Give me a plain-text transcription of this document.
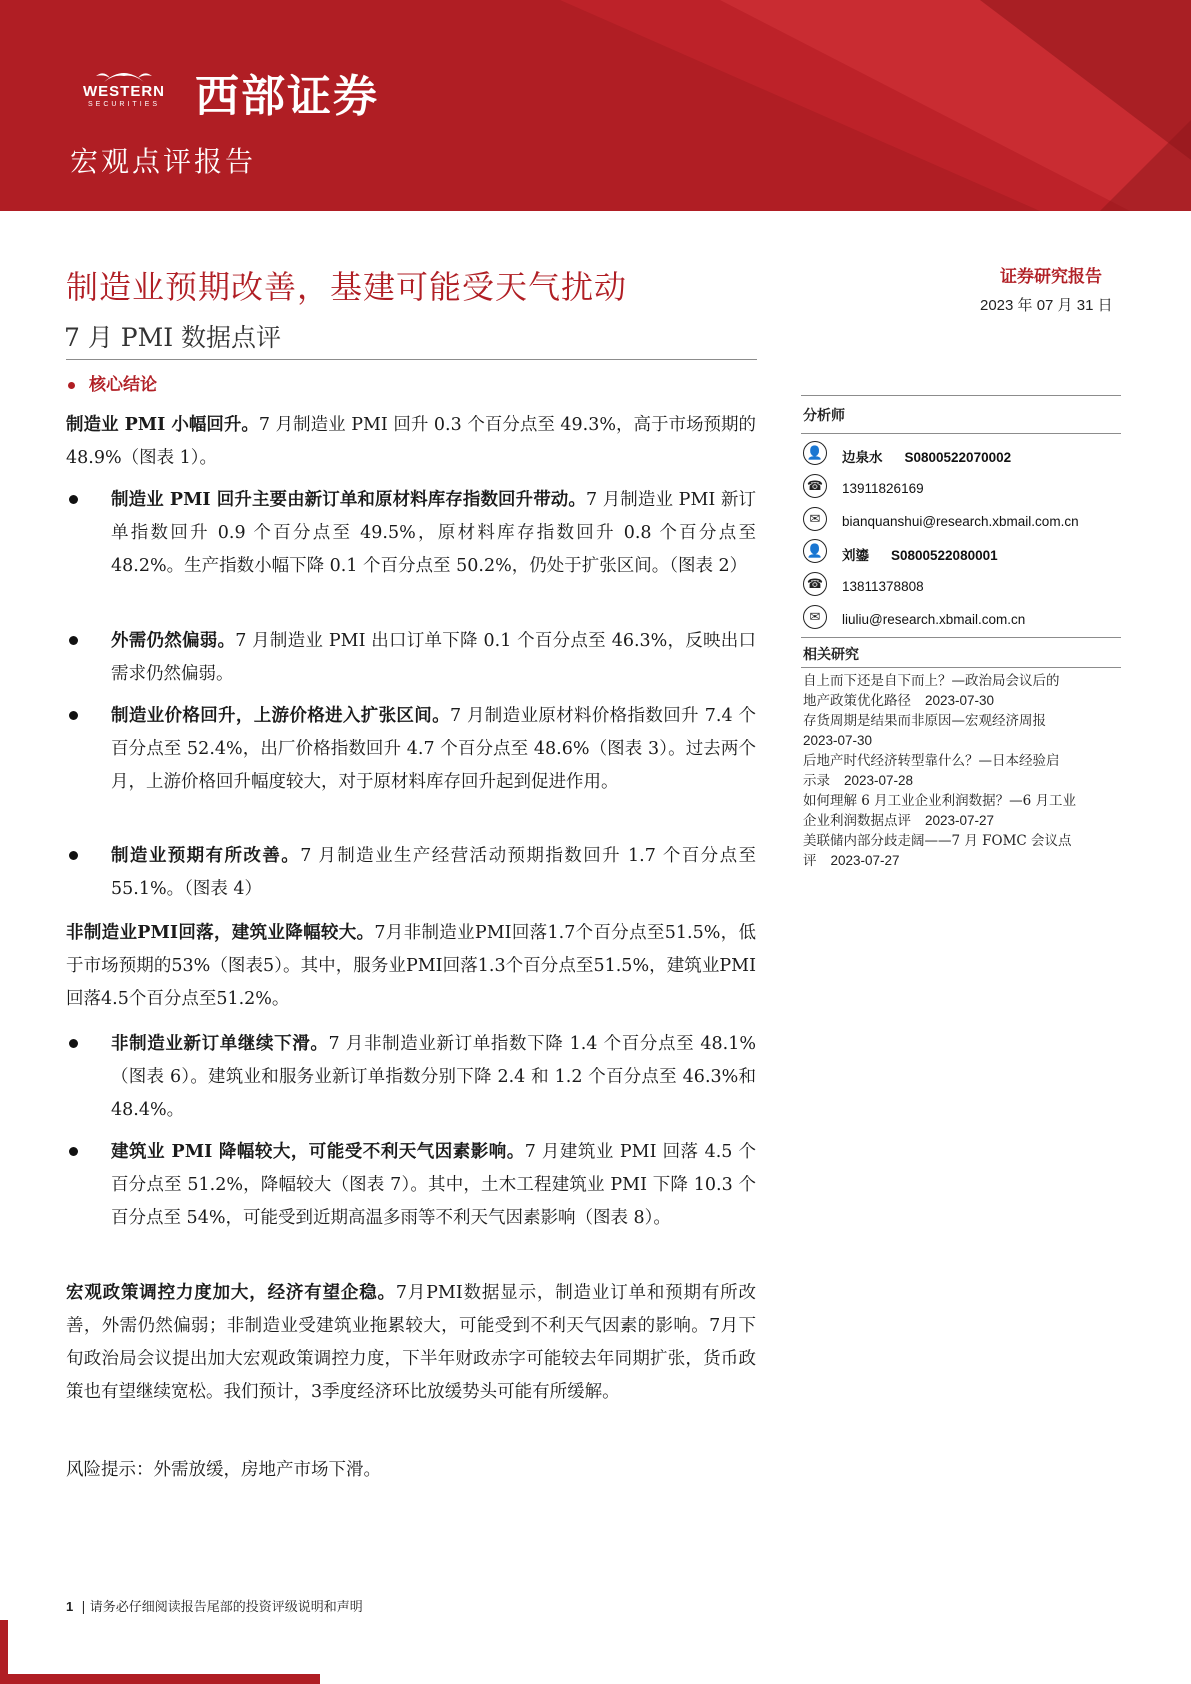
WESTERN
SECURITIES 西部证券
宏观点评报告
制造业预期改善，基建可能受天气扰动
7 月 PMI 数据点评
核心结论
制造业 PMI 小幅回升。7 月制造业 PMI 回升 0.3 个百分点至 49.3%，高于市场预期的 48.9%（图表 1）。
制造业 PMI 回升主要由新订单和原材料库存指数回升带动。7 月制造业 PMI 新订单指数回升 0.9 个百分点至 49.5%，原材料库存指数回升 0.8 个百分点至 48.2%。生产指数小幅下降 0.1 个百分点至 50.2%，仍处于扩张区间。（图表 2）
外需仍然偏弱。7 月制造业 PMI 出口订单下降 0.1 个百分点至 46.3%，反映出口需求仍然偏弱。
制造业价格回升，上游价格进入扩张区间。7 月制造业原材料价格指数回升 7.4 个百分点至 52.4%，出厂价格指数回升 4.7 个百分点至 48.6%（图表 3）。过去两个月，上游价格回升幅度较大，对于原材料库存回升起到促进作用。
制造业预期有所改善。7 月制造业生产经营活动预期指数回升 1.7 个百分点至 55.1%。（图表 4）
非制造业PMI回落，建筑业降幅较大。7月非制造业PMI回落1.7个百分点至51.5%，低于市场预期的53%（图表5）。其中，服务业PMI回落1.3个百分点至51.5%，建筑业PMI回落4.5个百分点至51.2%。
非制造业新订单继续下滑。7 月非制造业新订单指数下降 1.4 个百分点至 48.1%（图表 6）。建筑业和服务业新订单指数分别下降 2.4 和 1.2 个百分点至 46.3%和 48.4%。
建筑业 PMI 降幅较大，可能受不利天气因素影响。7 月建筑业 PMI 回落 4.5 个百分点至 51.2%，降幅较大（图表 7）。其中，土木工程建筑业 PMI 下降 10.3 个百分点至 54%，可能受到近期高温多雨等不利天气因素影响（图表 8）。
宏观政策调控力度加大，经济有望企稳。7月PMI数据显示，制造业订单和预期有所改善，外需仍然偏弱；非制造业受建筑业拖累较大，可能受到不利天气因素的影响。7月下旬政治局会议提出加大宏观政策调控力度，下半年财政赤字可能较去年同期扩张，货币政策也有望继续宽松。我们预计，3季度经济环比放缓势头可能有所缓解。
风险提示：外需放缓，房地产市场下滑。
证券研究报告
2023 年 07 月 31 日
分析师
👤 边泉水 S0800522070002
☎ 13911826169
✉	bianquanshui@research.xbmail.com.cn
👤 刘鎏 S0800522080001
☎ 13811378808
✉	liuliu@research.xbmail.com.cn
相关研究
自上而下还是自下而上？—政治局会议后的
地产政策优化路径 2023-07-30
存货周期是结果而非原因—宏观经济周报
2023-07-30
后地产时代经济转型靠什么？—日本经验启
示录 2023-07-28
如何理解 6 月工业企业利润数据？—6 月工业
企业利润数据点评 2023-07-27
美联储内部分歧走阔——7 月 FOMC 会议点
评 2023-07-27
1 | 请务必仔细阅读报告尾部的投资评级说明和声明
